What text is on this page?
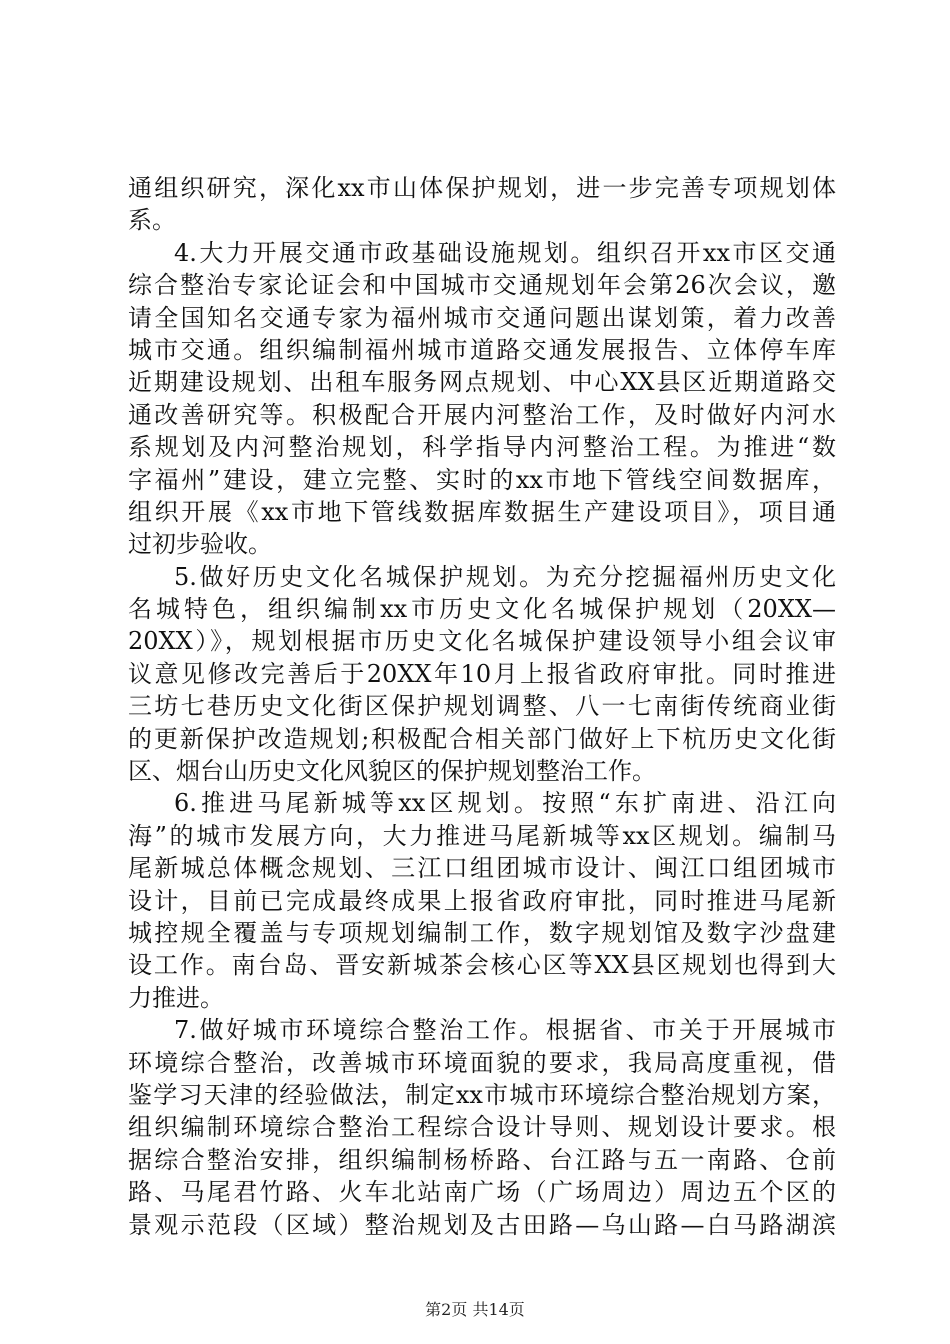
通组织研究，深化xx市山体保护规划，进一步完善专项规划体
系。
4.大力开展交通市政基础设施规划。组织召开xx市区交通
综合整治专家论证会和中国城市交通规划年会第26次会议，邀
请全国知名交通专家为福州城市交通问题出谋划策，着力改善
城市交通。组织编制福州城市道路交通发展报告、立体停车库
近期建设规划、出租车服务网点规划、中心XX县区近期道路交
通改善研究等。积极配合开展内河整治工作，及时做好内河水
系规划及内河整治规划，科学指导内河整治工程。为推进“数
字福州”建设，建立完整、实时的xx市地下管线空间数据库，
组织开展《xx市地下管线数据库数据生产建设项目》，项目通
过初步验收。
5.做好历史文化名城保护规划。为充分挖掘福州历史文化
名城特色，组织编制xx市历史文化名城保护规划（20XX—
20XX）》，规划根据市历史文化名城保护建设领导小组会议审
议意见修改完善后于20XX年10月上报省政府审批。同时推进
三坊七巷历史文化街区保护规划调整、八一七南街传统商业街
的更新保护改造规划;积极配合相关部门做好上下杭历史文化街
区、烟台山历史文化风貌区的保护规划整治工作。
6.推进马尾新城等xx区规划。按照“东扩南进、沿江向
海”的城市发展方向，大力推进马尾新城等xx区规划。编制马
尾新城总体概念规划、三江口组团城市设计、闽江口组团城市
设计，目前已完成最终成果上报省政府审批，同时推进马尾新
城控规全覆盖与专项规划编制工作，数字规划馆及数字沙盘建
设工作。南台岛、晋安新城茶会核心区等XX县区规划也得到大
力推进。
7.做好城市环境综合整治工作。根据省、市关于开展城市
环境综合整治，改善城市环境面貌的要求，我局高度重视，借
鉴学习天津的经验做法，制定xx市城市环境综合整治规划方案，
组织编制环境综合整治工程综合设计导则、规划设计要求。根
据综合整治安排，组织编制杨桥路、台江路与五一南路、仓前
路、马尾君竹路、火车北站南广场（广场周边）周边五个区的
景观示范段（区域）整治规划及古田路—乌山路—白马路湖滨
第2页 共14页
